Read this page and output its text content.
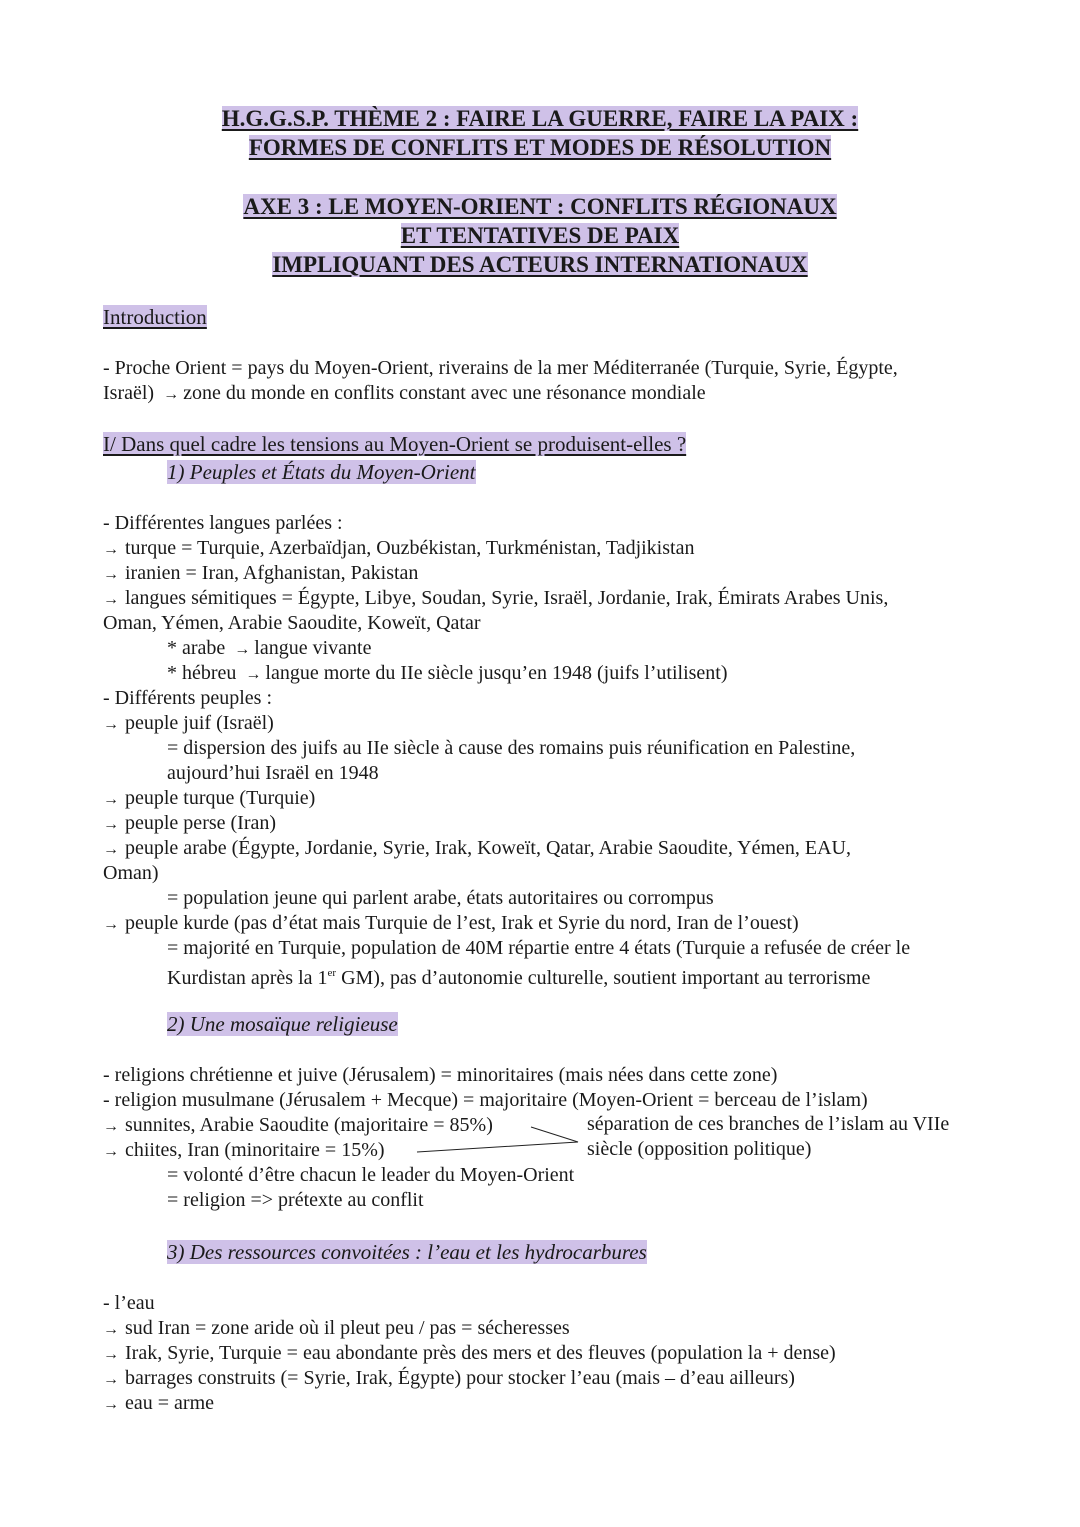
H.G.G.S.P. THÈME 2 : FAIRE LA GUERRE, FAIRE LA PAIX :
FORMES DE CONFLITS ET MODES DE RÉSOLUTION
AXE 3 : LE MOYEN-ORIENT : CONFLITS RÉGIONAUX
ET TENTATIVES DE PAIX
IMPLIQUANT DES ACTEURS INTERNATIONAUX
Introduction
- Proche Orient = pays du Moyen-Orient, riverains de la mer Méditerranée (Turquie, Syrie, Égypte,
Israël) → zone du monde en conflits constant avec une résonance mondiale
I/ Dans quel cadre les tensions au Moyen-Orient se produisent-elles ?
1) Peuples et États du Moyen-Orient
- Différentes langues parlées :
→ turque = Turquie, Azerbaïdjan, Ouzbékistan, Turkménistan, Tadjikistan
→ iranien = Iran, Afghanistan, Pakistan
→ langues sémitiques = Égypte, Libye, Soudan, Syrie, Israël, Jordanie, Irak, Émirats Arabes Unis,
Oman, Yémen, Arabie Saoudite, Koweït, Qatar
* arabe → langue vivante
* hébreu → langue morte du IIe siècle jusqu’en 1948 (juifs l’utilisent)
- Différents peuples :
→ peuple juif (Israël)
= dispersion des juifs au IIe siècle à cause des romains puis réunification en Palestine,
aujourd’hui Israël en 1948
→ peuple turque (Turquie)
→ peuple perse (Iran)
→ peuple arabe (Égypte, Jordanie, Syrie, Irak, Koweït, Qatar, Arabie Saoudite, Yémen, EAU,
Oman)
= population jeune qui parlent arabe, états autoritaires ou corrompus
→ peuple kurde (pas d’état mais Turquie de l’est, Irak et Syrie du nord, Iran de l’ouest)
= majorité en Turquie, population de 40M répartie entre 4 états (Turquie a refusée de créer le
Kurdistan après la 1er GM), pas d’autonomie culturelle, soutient important au terrorisme
2) Une mosaïque religieuse
- religions chrétienne et juive (Jérusalem) = minoritaires (mais nées dans cette zone)
- religion musulmane (Jérusalem + Mecque) = majoritaire (Moyen-Orient = berceau de l’islam)
→ sunnites, Arabie Saoudite (majoritaire = 85%)
→ chiites, Iran (minoritaire = 15%)
séparation de ces branches de l’islam au VIIe
siècle (opposition politique)
= volonté d’être chacun le leader du Moyen-Orient
= religion => prétexte au conflit
3) Des ressources convoitées : l’eau et les hydrocarbures
- l’eau
→ sud Iran = zone aride où il pleut peu / pas = sécheresses
→ Irak, Syrie, Turquie = eau abondante près des mers et des fleuves (population la + dense)
→ barrages construits (= Syrie, Irak, Égypte) pour stocker l’eau (mais – d’eau ailleurs)
→ eau = arme
